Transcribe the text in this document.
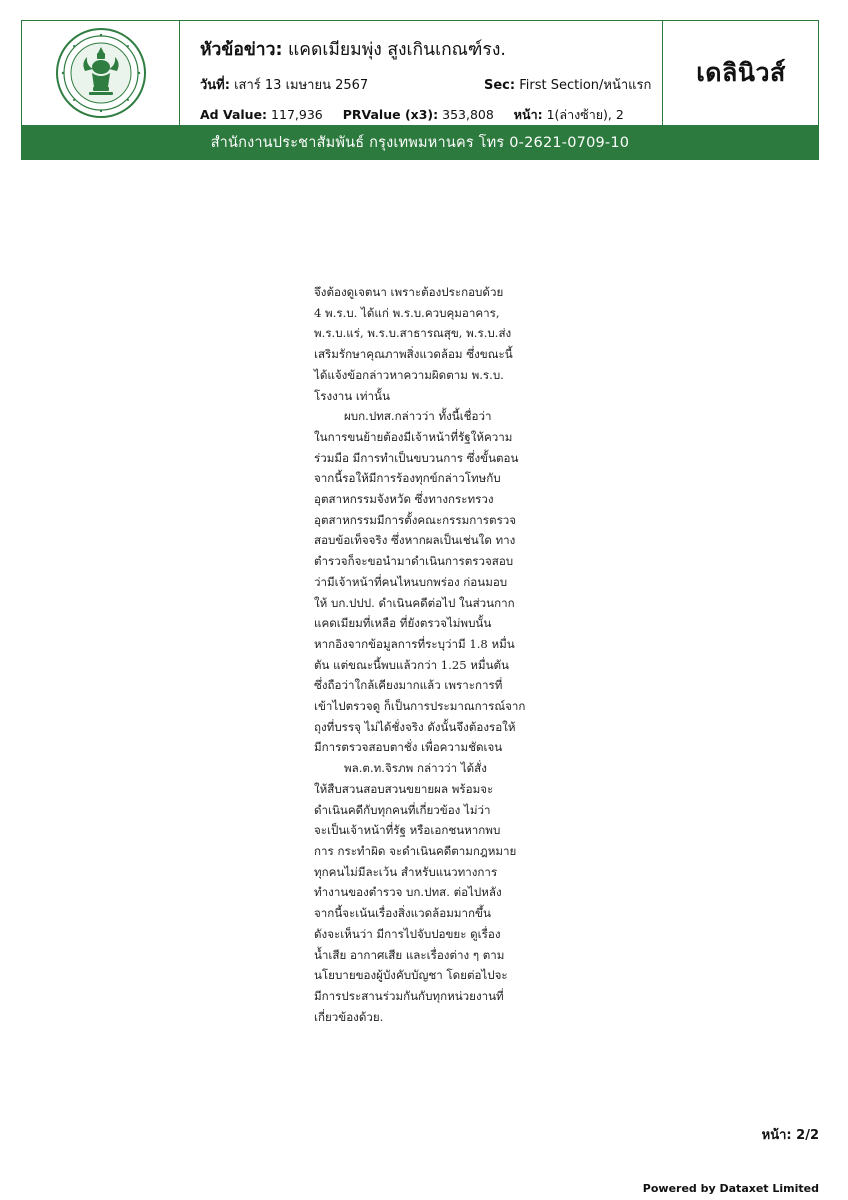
หัวข้อข่าว: แคดเมียมพุ่ง สูงเกินเกณฑ์รง.
วันที่: เสาร์ 13 เมษายน 2567	Sec: First Section/หน้าแรก
Ad Value: 117,936 PRValue (x3): 353,808 หน้า: 1(ล่างซ้าย), 2
เดลินิวส์
สำนักงานประชาสัมพันธ์ กรุงเทพมหานคร โทร 0-2621-0709-10

จึงต้องดูเจตนา เพราะต้องประกอบด้วย

4 พ.ร.บ. ได้แก่ พ.ร.บ.ควบคุมอาคาร,

พ.ร.บ.แร่, พ.ร.บ.สาธารณสุข, พ.ร.บ.ส่ง

เสริมรักษาคุณภาพสิ่งแวดล้อม ซึ่งขณะนี้

ได้แจ้งข้อกล่าวหาความผิดตาม พ.ร.บ.

โรงงาน เท่านั้น

ผบก.ปทส.กล่าวว่า ทั้งนี้เชื่อว่า

ในการขนย้ายต้องมีเจ้าหน้าที่รัฐให้ความ

ร่วมมือ มีการทำเป็นขบวนการ ซึ่งขั้นตอน

จากนี้รอให้มีการร้องทุกข์กล่าวโทษกับ

อุตสาหกรรมจังหวัด ซึ่งทางกระทรวง

อุตสาหกรรมมีการตั้งคณะกรรมการตรวจ

สอบข้อเท็จจริง ซึ่งหากผลเป็นเช่นใด ทาง

ตำรวจก็จะขอนำมาดำเนินการตรวจสอบ

ว่ามีเจ้าหน้าที่คนไหนบกพร่อง ก่อนมอบ

ให้ บก.ปปป. ดำเนินคดีต่อไป ในส่วนกาก

แคดเมียมที่เหลือ ที่ยังตรวจไม่พบนั้น

หากอิงจากข้อมูลการที่ระบุว่ามี 1.8 หมื่น

ตัน แต่ขณะนี้พบแล้วกว่า 1.25 หมื่นตัน

ซึ่งถือว่าใกล้เคียงมากแล้ว เพราะการที่

เข้าไปตรวจดู ก็เป็นการประมาณการณ์จาก

ถุงที่บรรจุ ไม่ได้ชั่งจริง ดังนั้นจึงต้องรอให้

มีการตรวจสอบตาชั่ง เพื่อความชัดเจน

พล.ต.ท.จิรภพ กล่าวว่า ได้สั่ง

ให้สืบสวนสอบสวนขยายผล พร้อมจะ

ดำเนินคดีกับทุกคนที่เกี่ยวข้อง ไม่ว่า

จะเป็นเจ้าหน้าที่รัฐ หรือเอกชนหากพบ

การ กระทำผิด จะดำเนินคดีตามกฎหมาย

ทุกคนไม่มีละเว้น สำหรับแนวทางการ

ทำงานของตำรวจ บก.ปทส. ต่อไปหลัง

จากนี้จะเน้นเรื่องสิ่งแวดล้อมมากขึ้น

ดังจะเห็นว่า มีการไปจับปอขยะ ดูเรื่อง

น้ำเสีย อากาศเสีย และเรื่องต่าง ๆ ตาม

นโยบายของผู้บังคับบัญชา โดยต่อไปจะ

มีการประสานร่วมกันกับทุกหน่วยงานที่

เกี่ยวข้องด้วย.

หน้า: 2/2
Powered by Dataxet Limited
